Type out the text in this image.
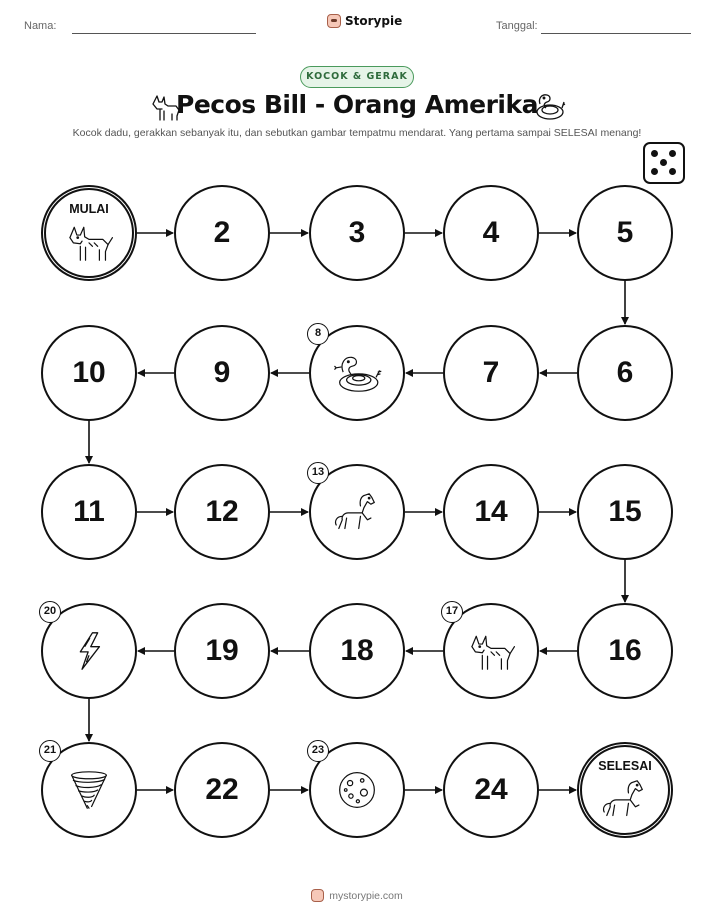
Nama:	Storypie	Tanggal:
KOCOK & GERAK
Pecos Bill - Orang Amerika
Kocok dadu, gerakkan sebanyak itu, dan sebutkan gambar tempatmu mendarat. Yang pertama sampai SELESAI menang!
MULAI
2	3	4	5
6
7
8
9
10
11	12
13
14	15
16
17
18
19
20
21
22
23
24
SELESAI
mystorypie.com
